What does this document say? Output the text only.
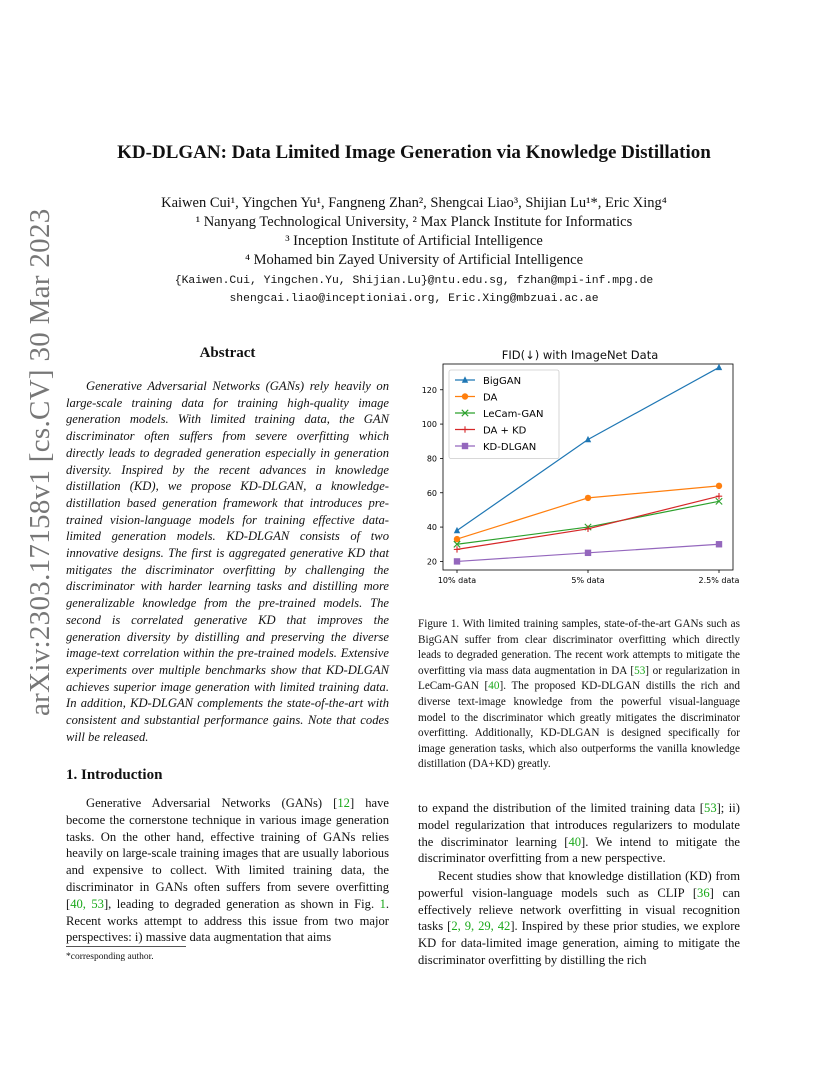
arXiv:2303.17158v1 [cs.CV] 30 Mar 2023
KD-DLGAN: Data Limited Image Generation via Knowledge Distillation
Kaiwen Cui¹, Yingchen Yu¹, Fangneng Zhan², Shengcai Liao³, Shijian Lu¹*, Eric Xing⁴
¹ Nanyang Technological University, ² Max Planck Institute for Informatics
³ Inception Institute of Artificial Intelligence
⁴ Mohamed bin Zayed University of Artificial Intelligence
{Kaiwen.Cui, Yingchen.Yu, Shijian.Lu}@ntu.edu.sg, fzhan@mpi-inf.mpg.de
shengcai.liao@inceptioniai.org, Eric.Xing@mbzuai.ac.ae
Abstract
Generative Adversarial Networks (GANs) rely heavily on large-scale training data for training high-quality image generation models. With limited training data, the GAN discriminator often suffers from severe overfitting which directly leads to degraded generation especially in generation diversity. Inspired by the recent advances in knowledge distillation (KD), we propose KD-DLGAN, a knowledge-distillation based generation framework that introduces pre-trained vision-language models for training effective data-limited generation models. KD-DLGAN consists of two innovative designs. The first is aggregated generative KD that mitigates the discriminator overfitting by challenging the discriminator with harder learning tasks and distilling more generalizable knowledge from the pre-trained models. The second is correlated generative KD that improves the generation diversity by distilling and preserving the diverse image-text correlation within the pre-trained models. Extensive experiments over multiple benchmarks show that KD-DLGAN achieves superior image generation with limited training data. In addition, KD-DLGAN complements the state-of-the-art with consistent and substantial performance gains. Note that codes will be released.
1. Introduction
Generative Adversarial Networks (GANs) [12] have become the cornerstone technique in various image generation tasks. On the other hand, effective training of GANs relies heavily on large-scale training images that are usually laborious and expensive to collect. With limited training data, the discriminator in GANs often suffers from severe overfitting [40, 53], leading to degraded generation as shown in Fig. 1. Recent works attempt to address this issue from two major perspectives: i) massive data augmentation that aims
*corresponding author.
FID(↓) with ImageNet Data
20
40
60
80
100
120
10% data	5% data	2.5% data
BigGAN
DA
LeCam-GAN
DA + KD
KD-DLGAN
Figure 1. With limited training samples, state-of-the-art GANs such as BigGAN suffer from clear discriminator overfitting which directly leads to degraded generation. The recent work attempts to mitigate the overfitting via mass data augmentation in DA [53] or regularization in LeCam-GAN [40]. The proposed KD-DLGAN distills the rich and diverse text-image knowledge from the powerful visual-language model to the discriminator which greatly mitigates the discriminator overfitting. Additionally, KD-DLGAN is designed specifically for image generation tasks, which also outperforms the vanilla knowledge distillation (DA+KD) greatly.
to expand the distribution of the limited training data [53]; ii) model regularization that introduces regularizers to modulate the discriminator learning [40]. We intend to mitigate the discriminator overfitting from a new perspective.
Recent studies show that knowledge distillation (KD) from powerful vision-language models such as CLIP [36] can effectively relieve network overfitting in visual recognition tasks [2, 9, 29, 42]. Inspired by these prior studies, we explore KD for data-limited image generation, aiming to mitigate the discriminator overfitting by distilling the rich
